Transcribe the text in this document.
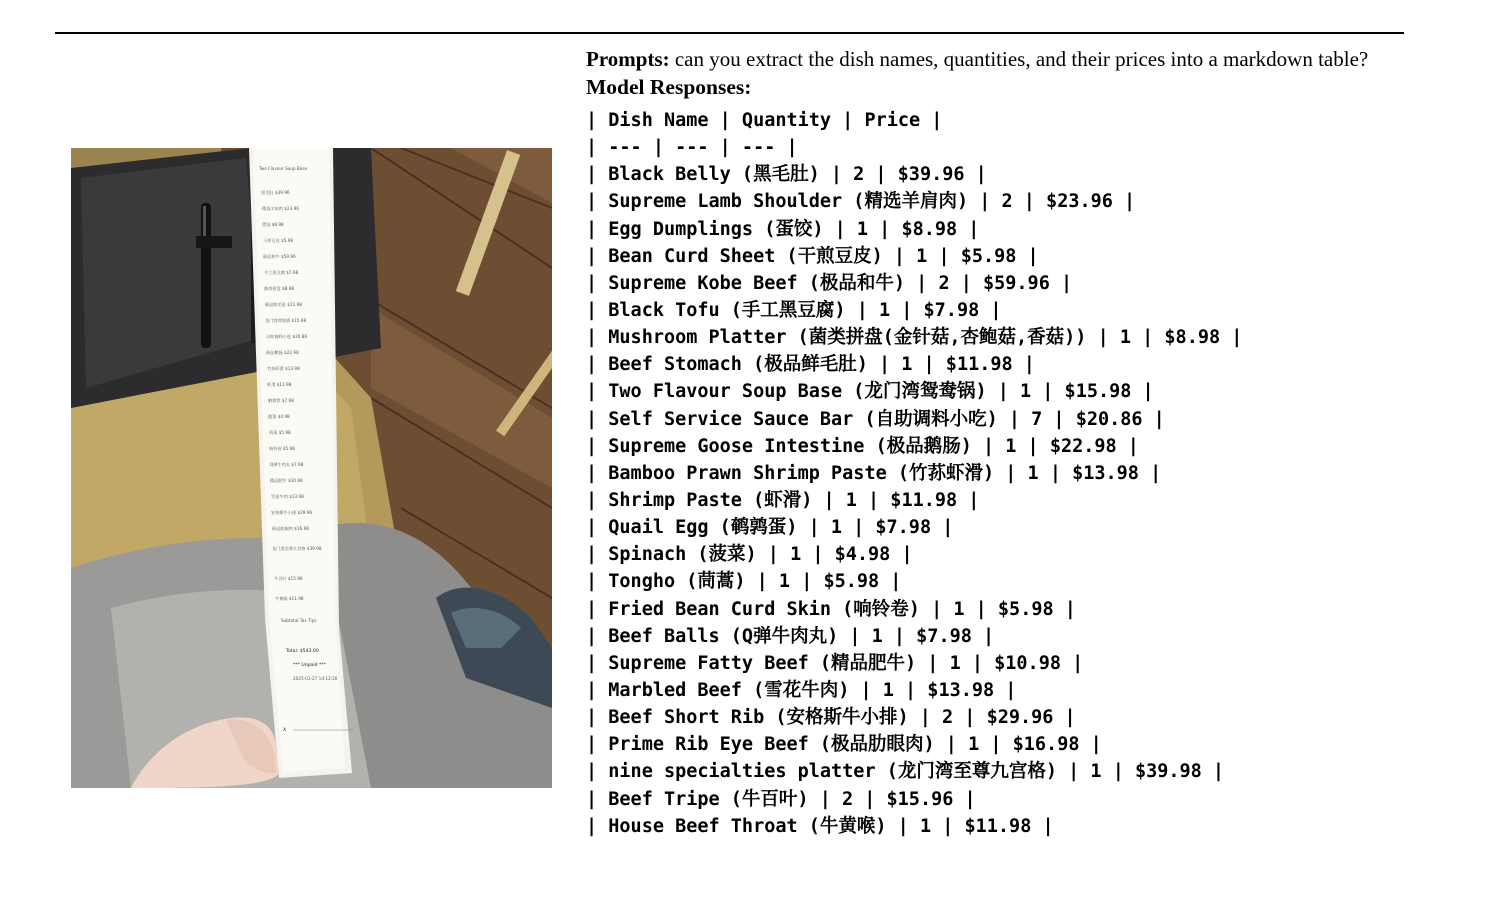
Two Flavour Soup Base
黑毛肚 $39.96
精选羊肩肉 $23.96
蛋饺 $8.98
干煎豆皮 $5.98
极品和牛 $59.96
手工黑豆腐 $7.98
菌类拼盘 $8.98
极品鲜毛肚 $11.98
龙门湾鸳鸯锅 $15.98
自助调料小吃 $20.86
极品鹅肠 $22.98
竹荪虾滑 $13.98
虾滑 $11.98
鹌鹑蛋 $7.98
菠菜 $4.98
茼蒿 $5.98
响铃卷 $5.98
Q弹牛肉丸 $7.98
精品肥牛 $10.98
雪花牛肉 $13.98
安格斯牛小排 $29.96
极品肋眼肉 $16.98
龙门湾至尊九宫格 $39.98
牛百叶 $15.96
牛黄喉 $11.98
Subtotal Tax Tips
Total: $543.00
*** Unpaid ***
2025-01-27 14:12:20
X

Prompts: can you extract the dish names, quantities, and their prices into a markdown table?

Model Responses:
| Dish Name | Quantity | Price |
| --- | --- | --- |
| Black Belly (黑毛肚) | 2 | $39.96 |
| Supreme Lamb Shoulder (精选羊肩肉) | 2 | $23.96 |
| Egg Dumplings (蛋饺) | 1 | $8.98 |
| Bean Curd Sheet (干煎豆皮) | 1 | $5.98 |
| Supreme Kobe Beef (极品和牛) | 2 | $59.96 |
| Black Tofu (手工黑豆腐) | 1 | $7.98 |
| Mushroom Platter (菌类拼盘(金针菇,杏鲍菇,香菇)) | 1 | $8.98 |
| Beef Stomach (极品鲜毛肚) | 1 | $11.98 |
| Two Flavour Soup Base (龙门湾鸳鸯锅) | 1 | $15.98 |
| Self Service Sauce Bar (自助调料小吃) | 7 | $20.86 |
| Supreme Goose Intestine (极品鹅肠) | 1 | $22.98 |
| Bamboo Prawn Shrimp Paste (竹荪虾滑) | 1 | $13.98 |
| Shrimp Paste (虾滑) | 1 | $11.98 |
| Quail Egg (鹌鹑蛋) | 1 | $7.98 |
| Spinach (菠菜) | 1 | $4.98 |
| Tongho (茼蒿) | 1 | $5.98 |
| Fried Bean Curd Skin (响铃卷) | 1 | $5.98 |
| Beef Balls (Q弹牛肉丸) | 1 | $7.98 |
| Supreme Fatty Beef (精品肥牛) | 1 | $10.98 |
| Marbled Beef (雪花牛肉) | 1 | $13.98 |
| Beef Short Rib (安格斯牛小排) | 2 | $29.96 |
| Prime Rib Eye Beef (极品肋眼肉) | 1 | $16.98 |
| nine specialties platter (龙门湾至尊九宫格) | 1 | $39.98 |
| Beef Tripe (牛百叶) | 2 | $15.96 |
| House Beef Throat (牛黄喉) | 1 | $11.98 |
